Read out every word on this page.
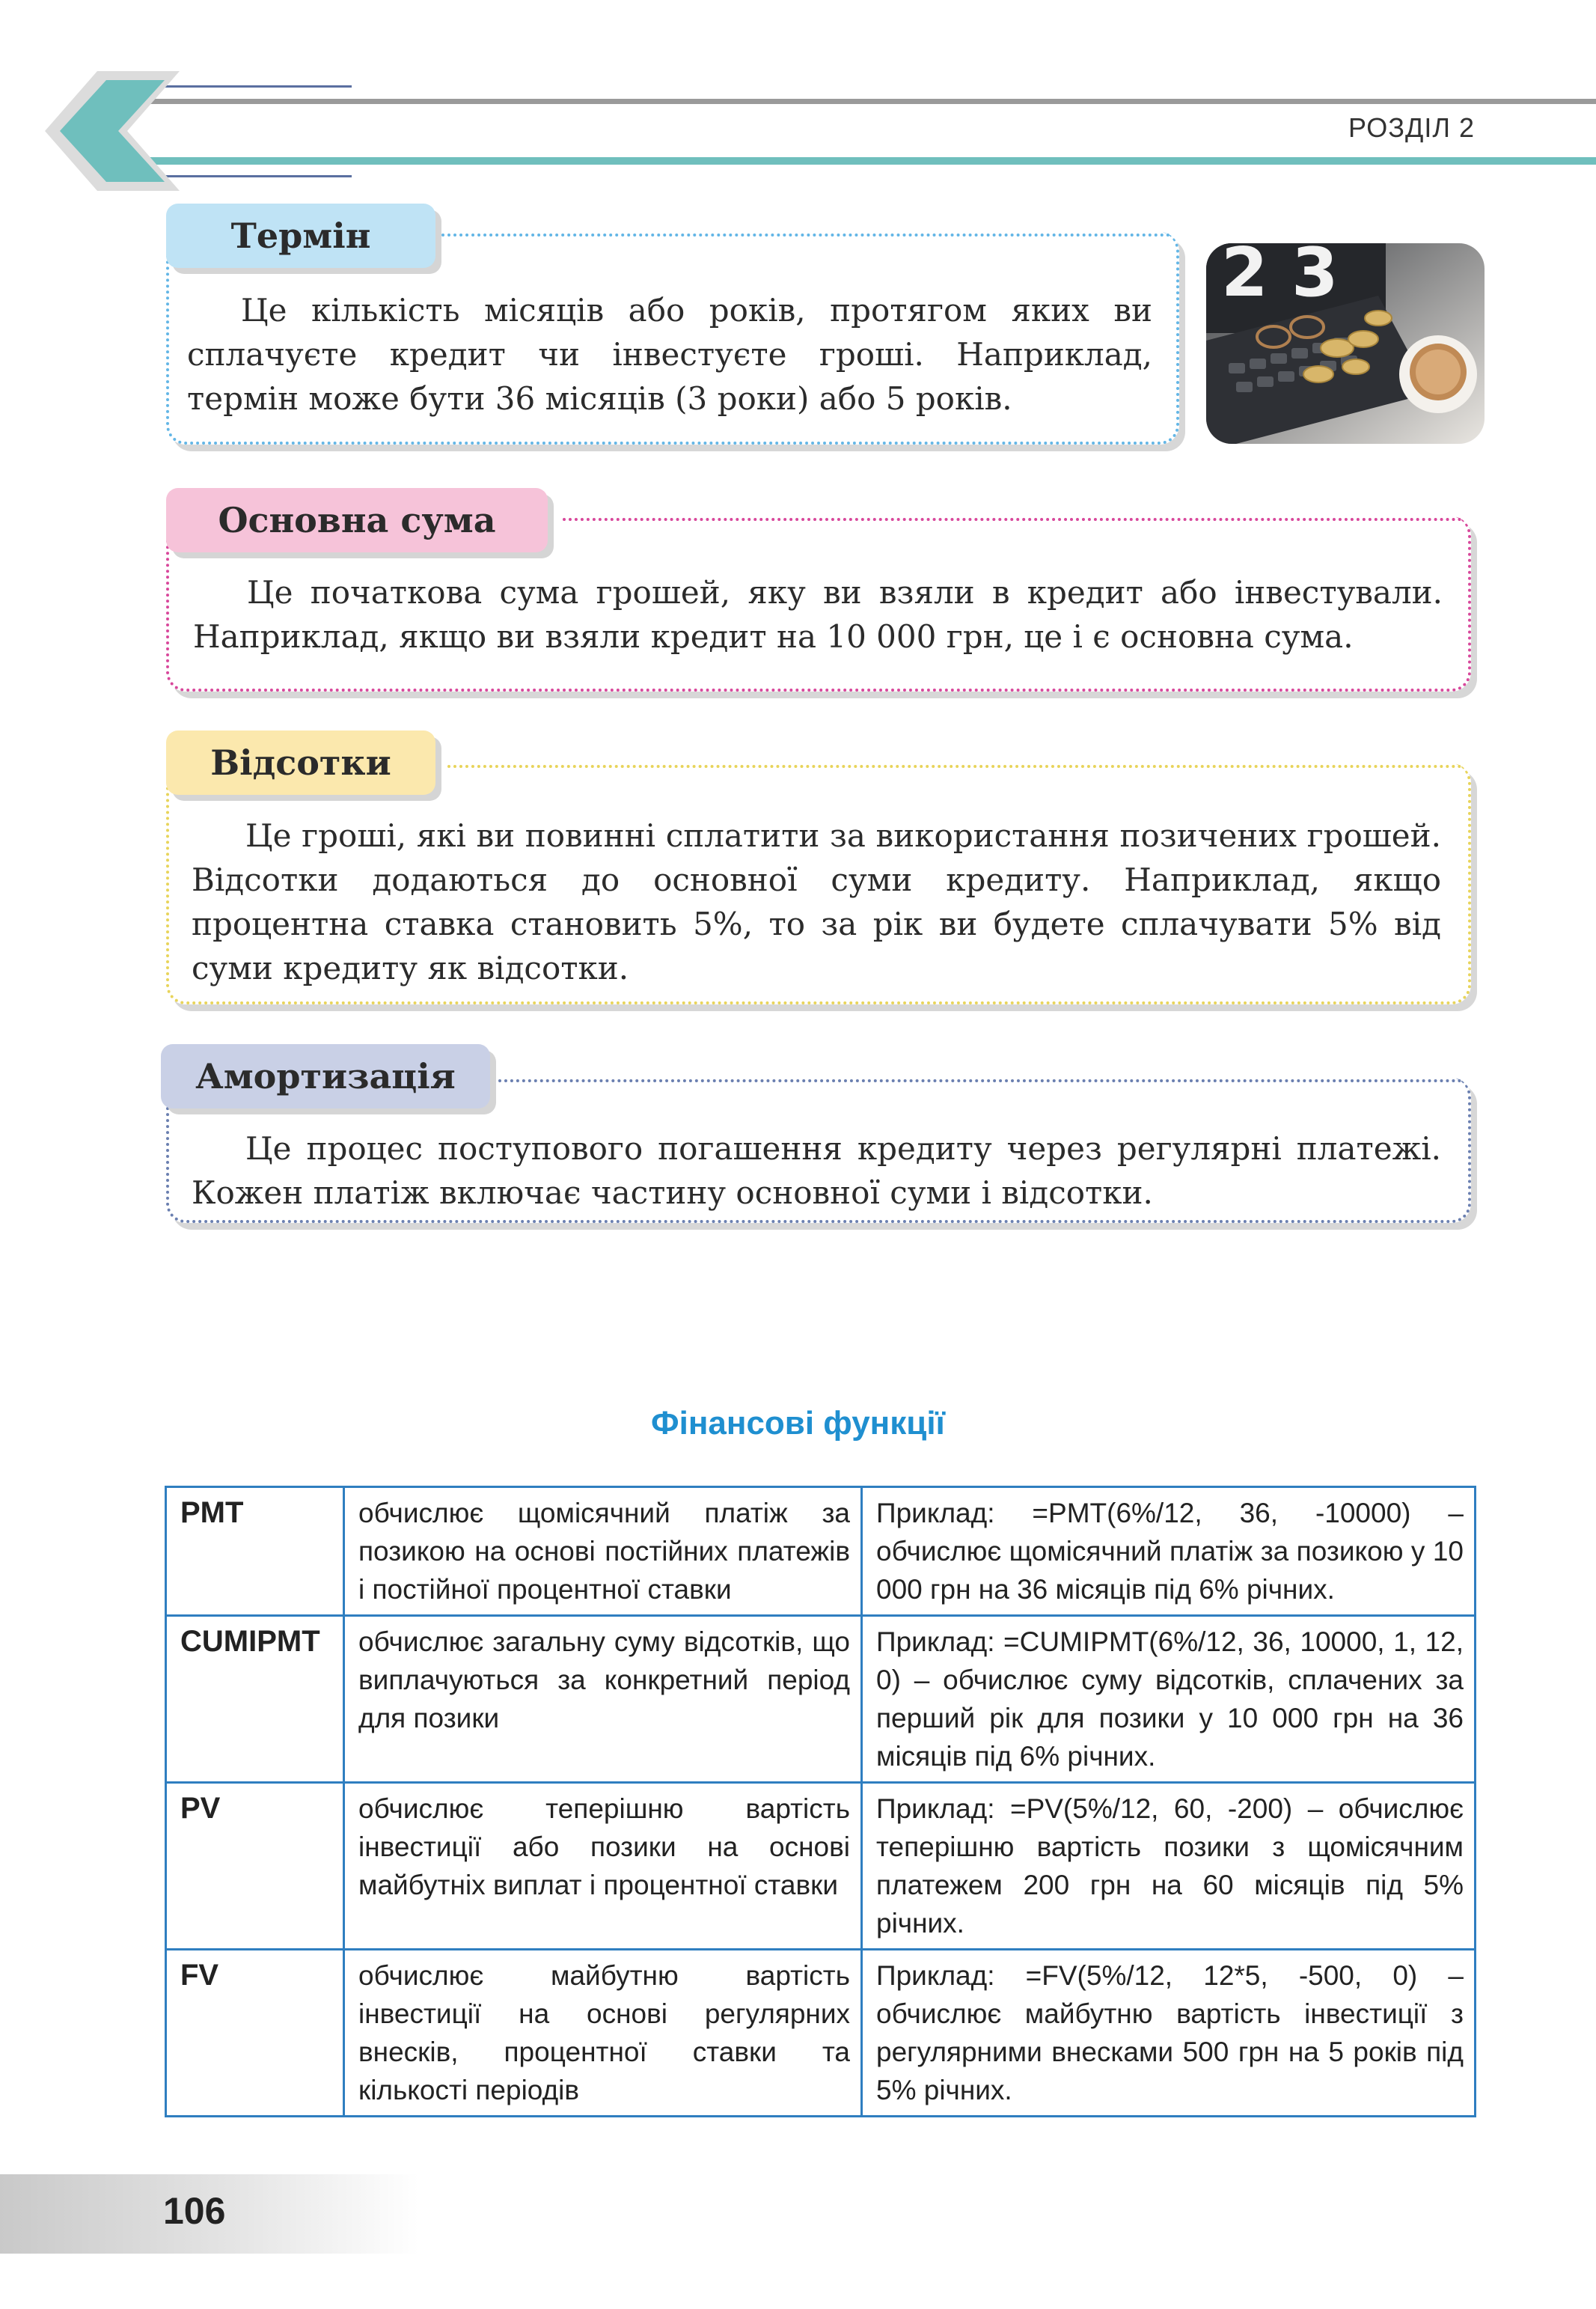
РОЗДІЛ 2
Термін
Це кількість місяців або років, протягом яких ви сплачуєте кредит чи інвестуєте гроші. Наприклад, термін може бути 36 місяців (3 роки) або 5 років.
2 3
Основна сума
Це початкова сума грошей, яку ви взяли в кредит або інвестували. Наприклад, якщо ви взяли кредит на 10 000 грн, це і є основна сума.
Відсотки
Це гроші, які ви повинні сплатити за використання позичених грошей. Відсотки додаються до основної суми кредиту. Наприклад, якщо процентна ставка становить 5%, то за рік ви будете сплачувати 5% від суми кредиту як відсотки.
Амортизація
Це процес поступового погашення кредиту через регулярні платежі. Кожен платіж включає частину основної суми і відсотки.
Фінансові функції
PMT	обчислює щомісячний платіж за позикою на основі постійних платежів і постійної процентної ставки	Приклад: =PMT(6%/12, 36, -10000) – обчислює щомісячний платіж за позикою у 10 000 грн на 36 місяців під 6% річних.
CUMIPMT	обчислює загальну суму відсотків, що виплачуються за конкретний період для позики	Приклад: =CUMIPMT(6%/12, 36, 10000, 1, 12, 0) – обчислює суму відсотків, сплачених за перший рік для позики у 10 000 грн на 36 місяців під 6% річних.
PV	обчислює теперішню вартість інвестиції або позики на основі майбутніх виплат і процентної ставки	Приклад: =PV(5%/12, 60, -200) – обчислює теперішню вартість позики з щомісячним платежем 200 грн на 60 місяців під 5% річних.
FV	обчислює майбутню вартість інвестиції на основі регулярних внесків, процентної ставки та кількості періодів	Приклад: =FV(5%/12, 12*5, -500, 0) – обчислює майбутню вартість інвестиції з регулярними внесками 500 грн на 5 років під 5% річних.
106
